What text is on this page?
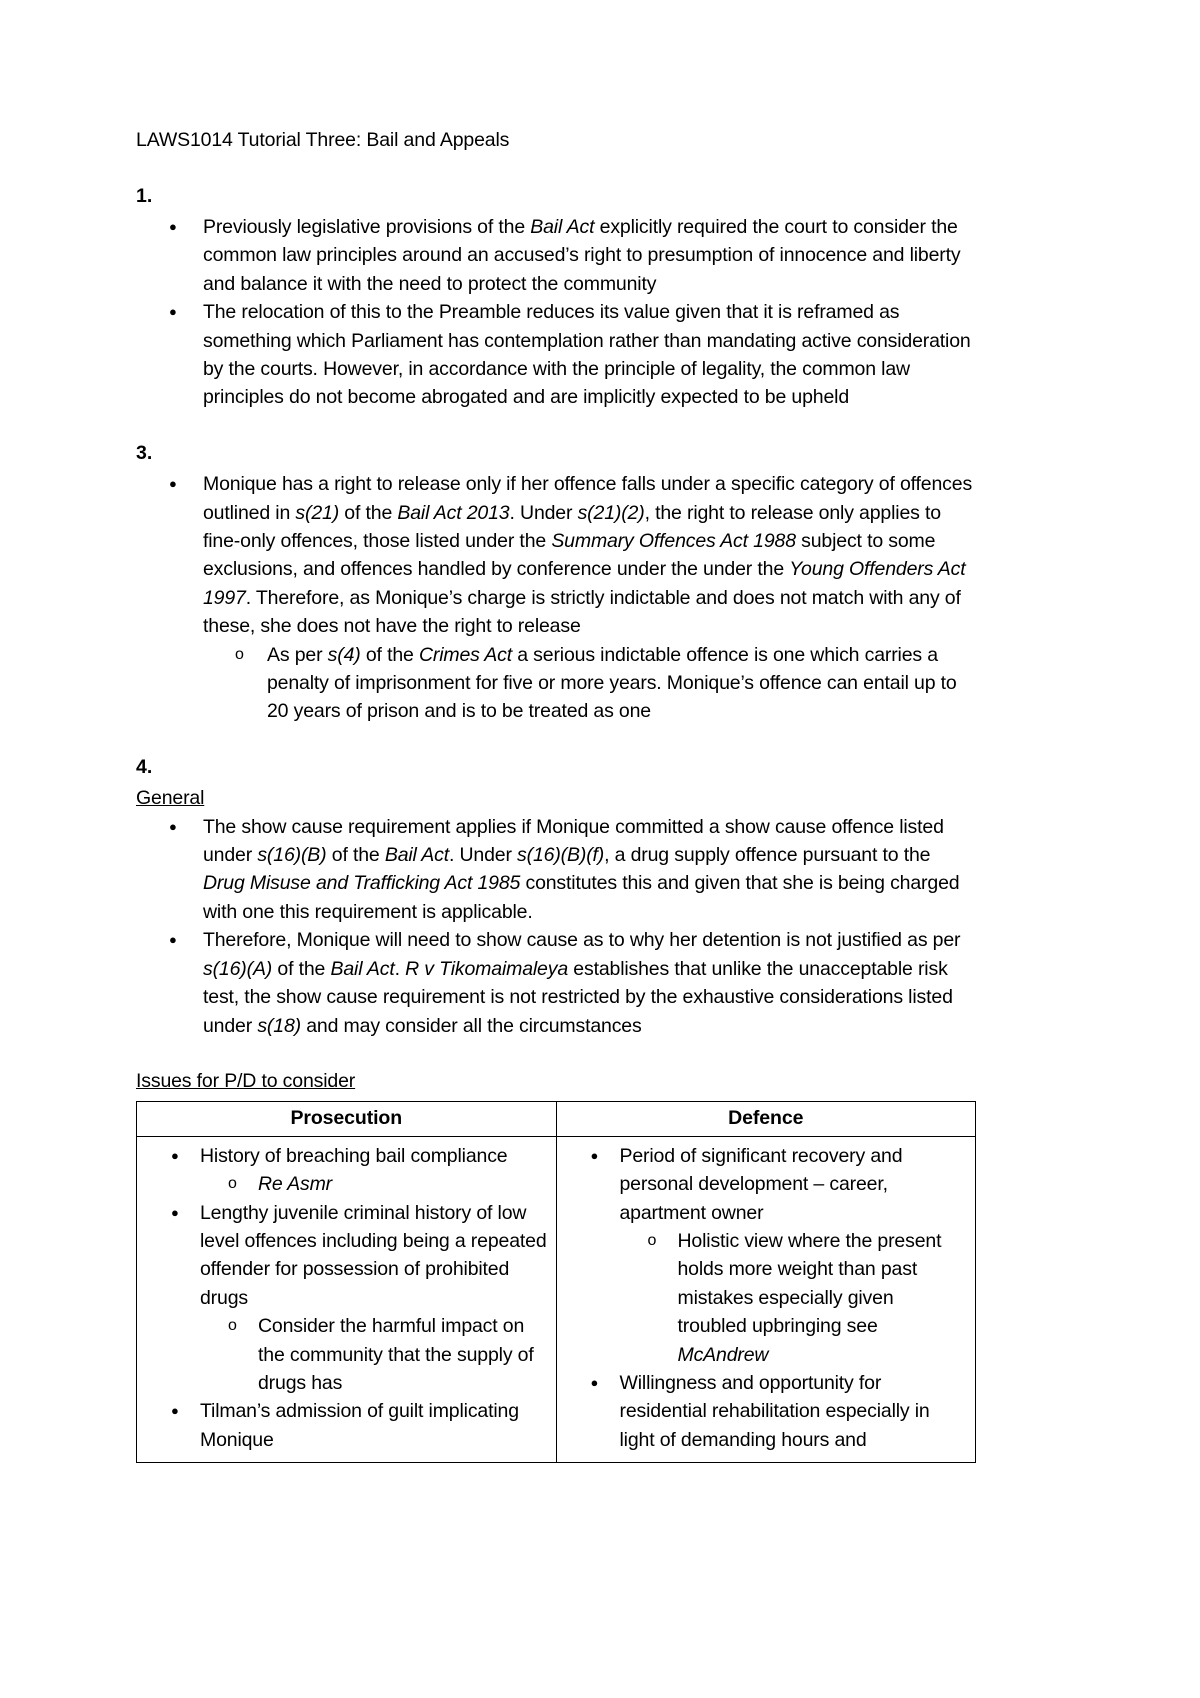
LAWS1014 Tutorial Three: Bail and Appeals
1.
● Previously legislative provisions of the Bail Act explicitly required the court to consider the common law principles around an accused’s right to presumption of innocence and liberty and balance it with the need to protect the community
● The relocation of this to the Preamble reduces its value given that it is reframed as something which Parliament has contemplation rather than mandating active consideration by the courts. However, in accordance with the principle of legality, the common law principles do not become abrogated and are implicitly expected to be upheld
3.
● Monique has a right to release only if her offence falls under a specific category of offences outlined in s(21) of the Bail Act 2013. Under s(21)(2), the right to release only applies to fine-only offences, those listed under the Summary Offences Act 1988 subject to some exclusions, and offences handled by conference under the under the Young Offenders Act 1997. Therefore, as Monique’s charge is strictly indictable and does not match with any of these, she does not have the right to release
o As per s(4) of the Crimes Act a serious indictable offence is one which carries a penalty of imprisonment for five or more years. Monique’s offence can entail up to 20 years of prison and is to be treated as one
4.
General
● The show cause requirement applies if Monique committed a show cause offence listed under s(16)(B) of the Bail Act. Under s(16)(B)(f), a drug supply offence pursuant to the Drug Misuse and Trafficking Act 1985 constitutes this and given that she is being charged with one this requirement is applicable.
● Therefore, Monique will need to show cause as to why her detention is not justified as per s(16)(A) of the Bail Act. R v Tikomaimaleya establishes that unlike the unacceptable risk test, the show cause requirement is not restricted by the exhaustive considerations listed under s(18) and may consider all the circumstances
Issues for P/D to consider
Prosecution	Defence

● History of breaching bail compliance
o Re Asmr
● Lengthy juvenile criminal history of low level offences including being a repeated offender for possession of prohibited drugs
o Consider the harmful impact on the community that the supply of drugs has
● Tilman’s admission of guilt implicating Monique

● Period of significant recovery and personal development – career, apartment owner
o Holistic view where the present holds more weight than past mistakes especially given troubled upbringing see McAndrew
● Willingness and opportunity for residential rehabilitation especially in light of demanding hours and
